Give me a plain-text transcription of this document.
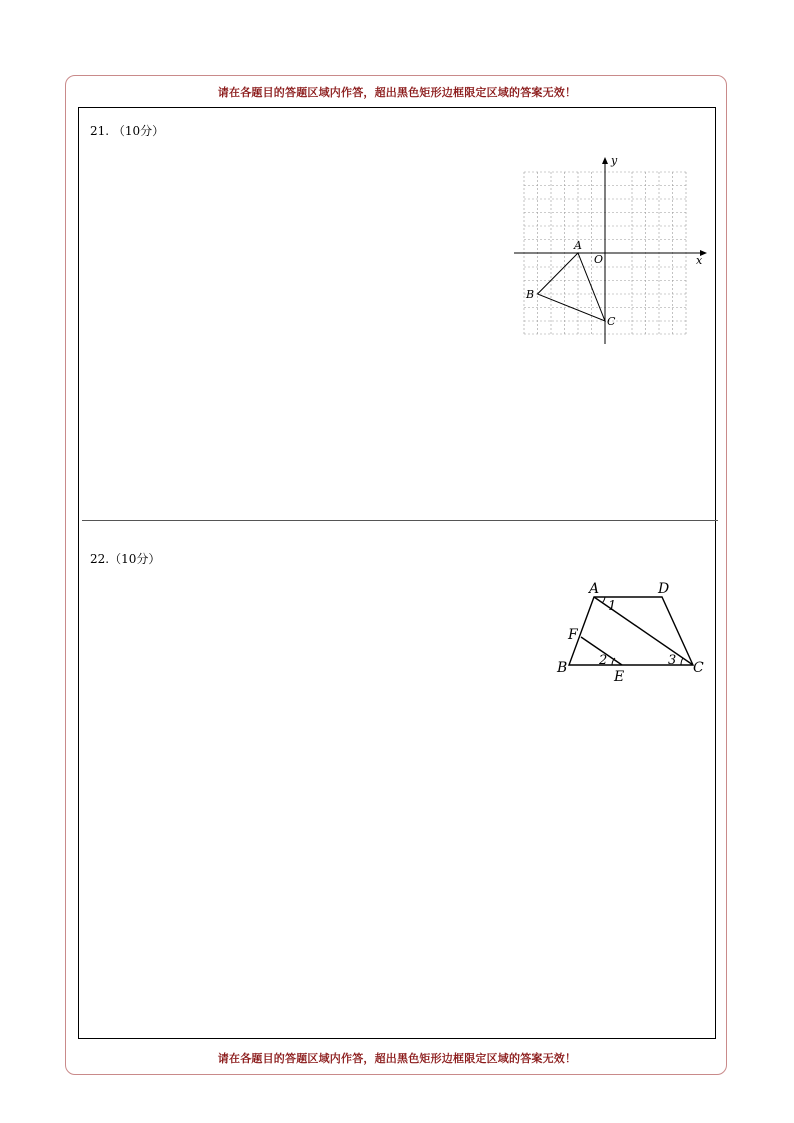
请在各题目的答题区域内作答，超出黑色矩形边框限定区域的答案无效！
21. （10分）
x
y
O
A
B
C
22.（10分）
A	D
F
B
E
C
1
2	3
请在各题目的答题区域内作答，超出黑色矩形边框限定区域的答案无效！
